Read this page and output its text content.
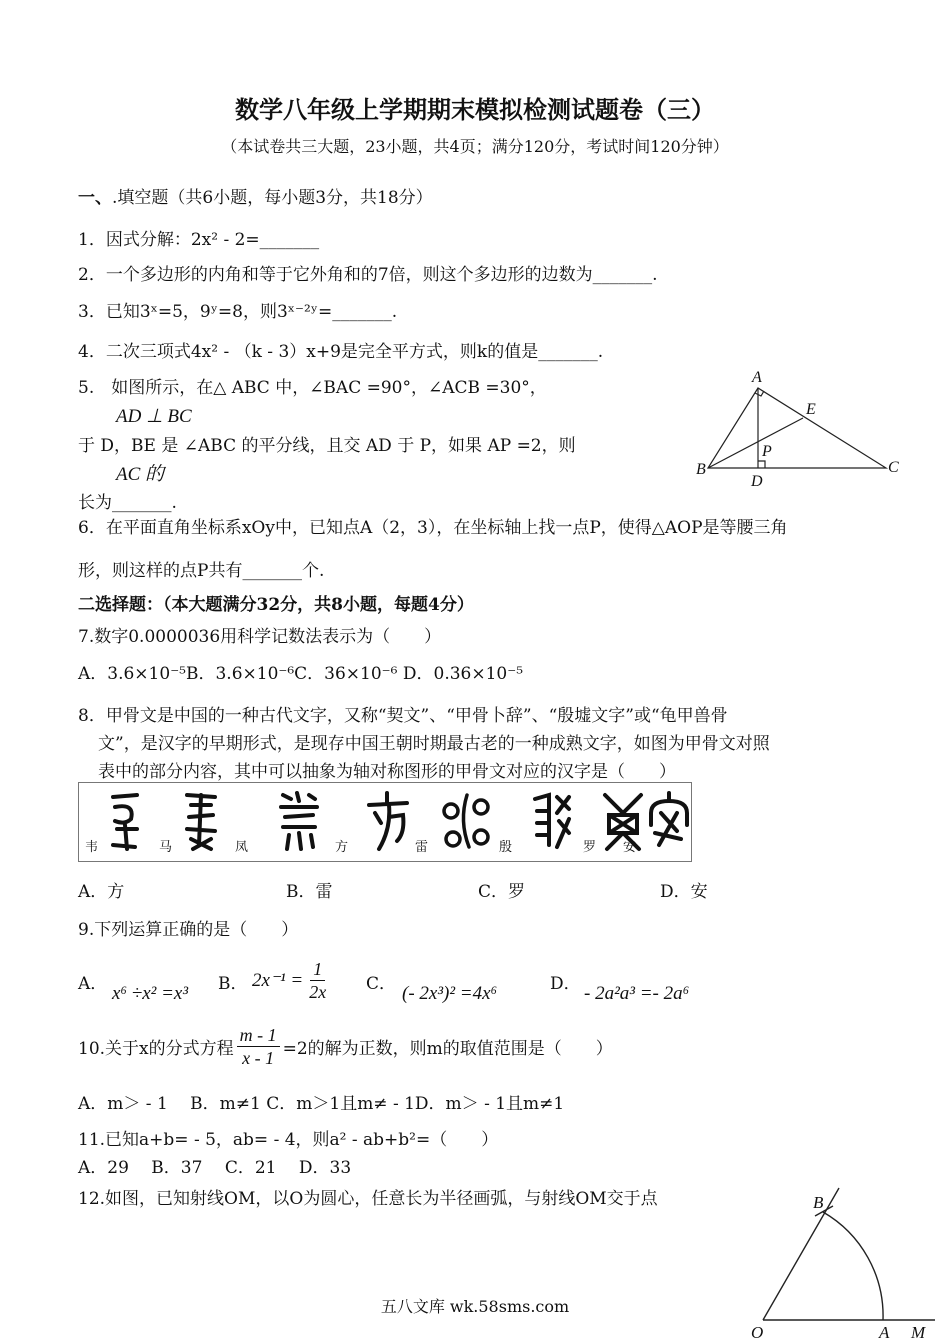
数学八年级上学期期末模拟检测试题卷（三）
（本试卷共三大题，23小题，共4页；满分120分，考试时间120分钟）
一、.填空题（共6小题，每小题3分，共18分）
1．因式分解：2x² - 2=_______
2．一个多边形的内角和等于它外角和的7倍，则这个多边形的边数为_______.
3．已知3ˣ=5，9ʸ=8，则3ˣ⁻²ʸ=_______.
4．二次三项式4x² - （k - 3）x+9是完全平方式，则k的值是_______.
5.　如图所示，在△ ABC 中，∠BAC =90°，∠ACB =30°，
AD ⊥ BC
于 D，BE 是 ∠ABC 的平分线，且交 AD 于 P，如果 AP =2，则
AC 的
长为_______.
A
B	C
D
E
P
6．在平面直角坐标系xOy中，已知点A（2，3），在坐标轴上找一点P，使得△AOP是等腰三角
形，则这样的点P共有_______个.
二选择题：（本大题满分32分，共8小题，每题4分）
7.数字0.0000036用科学记数法表示为（　　）
A．3.6×10⁻⁵B．3.6×10⁻⁶C．36×10⁻⁶ D．0.36×10⁻⁵
8．甲骨文是中国的一种古代文字，又称“契文”、“甲骨卜辞”、“殷墟文字”或“龟甲兽骨
文”，是汉字的早期形式，是现存中国王朝时期最古老的一种成熟文字，如图为甲骨文对照
表中的部分内容，其中可以抽象为轴对称图形的甲骨文对应的汉字是（　　）
韦	马	凤	方	雷	殷	罗 安
A．方	B．雷	C．罗	D．安
9.下列运算正确的是（　　）
A． x⁶ ÷x² =x³ B． $2x^{-1} = \frac{1}{2x}$ C． (- 2x³)² =4x⁶	D． - 2a²a³ =- 2a⁶
10.关于x的分式方程 $\frac{m - 1}{x - 1} =2$的解为正数，则m的取值范围是（　　）
A．m＞ - 1　 B．m≠1 C．m＞1且m≠ - 1D．m＞ - 1且m≠1
11.已知a+b= - 5，ab= - 4，则a² - ab+b²=（　　）
A．29　 B．37　 C．21　 D．33
12.如图，已知射线OM，以O为圆心，任意长为半径画弧，与射线OM交于点
O	A M
B
五八文库 wk.58sms.com
